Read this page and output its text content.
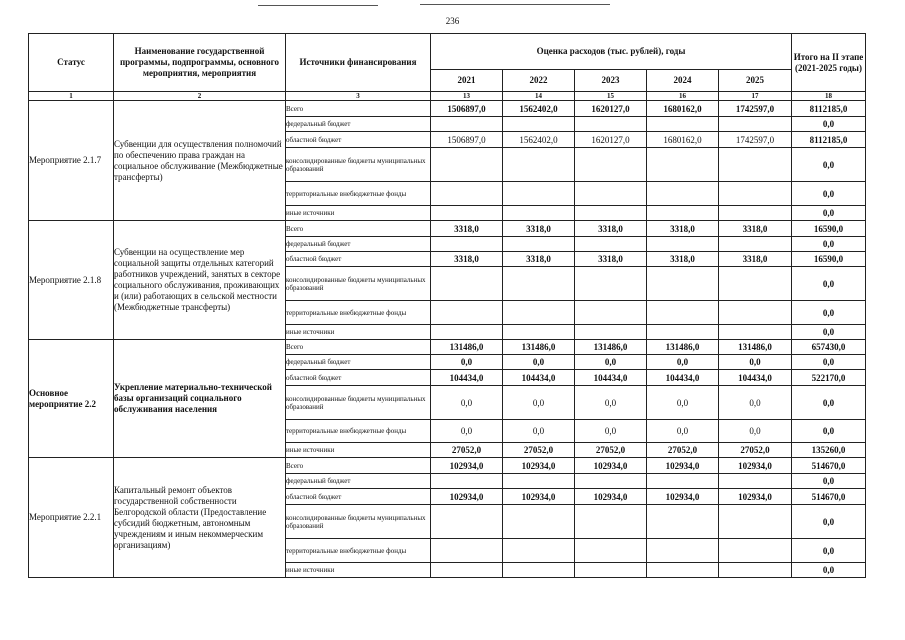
236
Статус	Наименование государственной программы, подпрограммы, основного мероприятия, мероприятия	Источники финансирования	Оценка расходов (тыс. рублей), годы					Итого на II этапе (2021-2025 годы)
			2021	2022	2023	2024	2025	
1	2	3	13	14	15	16	17	18
Мероприятие 2.1.7	Субвенции для осуществления полномочий по обеспечению права граждан на социальное обслуживание (Межбюджетные трансферты)	Всего	1506897,0	1562402,0	1620127,0	1680162,0	1742597,0	8112185,0
		федеральный бюджет						0,0
		областной бюджет	1506897,0	1562402,0	1620127,0	1680162,0	1742597,0	8112185,0
		консолидированные бюджеты муниципальных образований						0,0
		территориальные внебюджетные фонды						0,0
		иные источники						0,0
Мероприятие 2.1.8	Субвенции на осуществление мер социальной защиты отдельных категорий работников учреждений, занятых в секторе социального обслуживания, проживающих и (или) работающих в сельской местности (Межбюджетные трансферты)	Всего	3318,0	3318,0	3318,0	3318,0	3318,0	16590,0
		федеральный бюджет						0,0
		областной бюджет	3318,0	3318,0	3318,0	3318,0	3318,0	16590,0
		консолидированные бюджеты муниципальных образований						0,0
		территориальные внебюджетные фонды						0,0
		иные источники						0,0
Основное мероприятие 2.2	Укрепление материально-технической базы организаций социального обслуживания населения	Всего	131486,0	131486,0	131486,0	131486,0	131486,0	657430,0
		федеральный бюджет	0,0	0,0	0,0	0,0	0,0	0,0
		областной бюджет	104434,0	104434,0	104434,0	104434,0	104434,0	522170,0
		консолидированные бюджеты муниципальных образований	0,0	0,0	0,0	0,0	0,0	0,0
		территориальные внебюджетные фонды	0,0	0,0	0,0	0,0	0,0	0,0
		иные источники	27052,0	27052,0	27052,0	27052,0	27052,0	135260,0
Мероприятие 2.2.1	Капитальный ремонт объектов государственной собственности Белгородской области (Предоставление субсидий бюджетным, автономным учреждениям и иным некоммерческим организациям)	Всего	102934,0	102934,0	102934,0	102934,0	102934,0	514670,0
		федеральный бюджет						0,0
		областной бюджет	102934,0	102934,0	102934,0	102934,0	102934,0	514670,0
		консолидированные бюджеты муниципальных образований						0,0
		территориальные внебюджетные фонды						0,0
		иные источники						0,0
